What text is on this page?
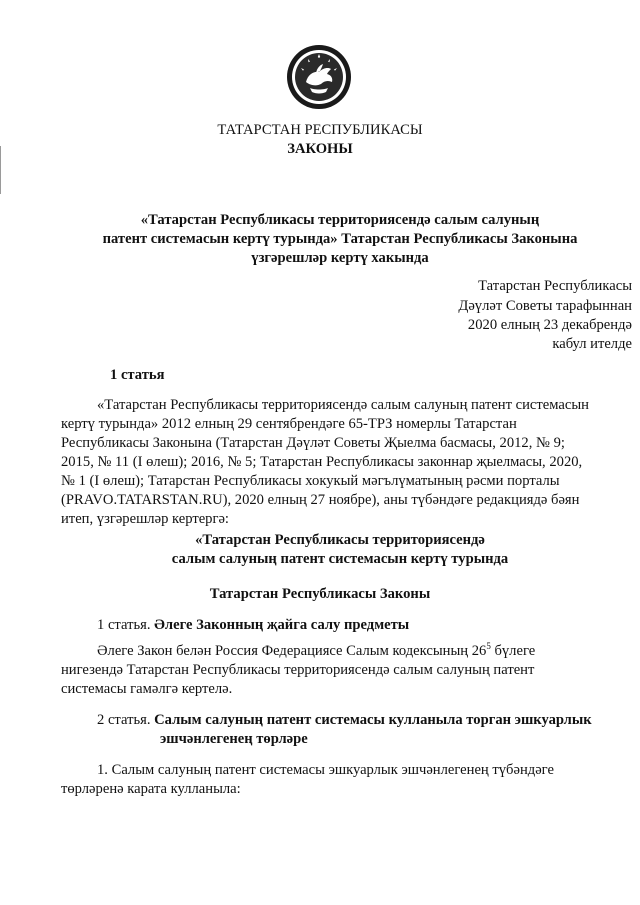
ТАТАРСТАН РЕСПУБЛИКАСЫ
ЗАКОНЫ
«Татарстан Республикасы территориясендә салым салуның
патент системасын кертү турында» Татарстан Республикасы Законына
үзгәрешләр кертү хакында
Татарстан Республикасы
Дәүләт Советы тарафыннан
2020 елның 23 декабрендә
кабул ителде
1 статья
«Татарстан Республикасы территориясендә салым салуның патент системасын
кертү турында» 2012 елның 29 сентябрендәге 65-ТРЗ номерлы Татарстан
Республикасы Законына (Татарстан Дәүләт Советы Җыелма басмасы, 2012, № 9;
2015, № 11 (I өлеш); 2016, № 5; Татарстан Республикасы законнар җыелмасы, 2020,
№ 1 (I өлеш); Татарстан Республикасы хокукый мәгълүматының рәсми порталы
(PRAVO.TATARSTAN.RU), 2020 елның 27 ноябре), аны түбәндәге редакциядә бәян
итеп, үзгәрешләр кертергә:
«Татарстан Республикасы территориясендә
салым салуның патент системасын кертү турында
Татарстан Республикасы Законы
1 статья. Әлеге Законның җайга салу предметы
Әлеге Закон белән Россия Федерациясе Салым кодексының $26^5$ бүлеге
нигезендә Татарстан Республикасы территориясендә салым салуның патент
системасы гамәлгә кертелә.
2 статья. Салым салуның патент системасы кулланыла торган эшкуарлык
эшчәнлегенең төрләре
1. Салым салуның патент системасы эшкуарлык эшчәнлегенең түбәндәге
төрләренә карата кулланыла:
